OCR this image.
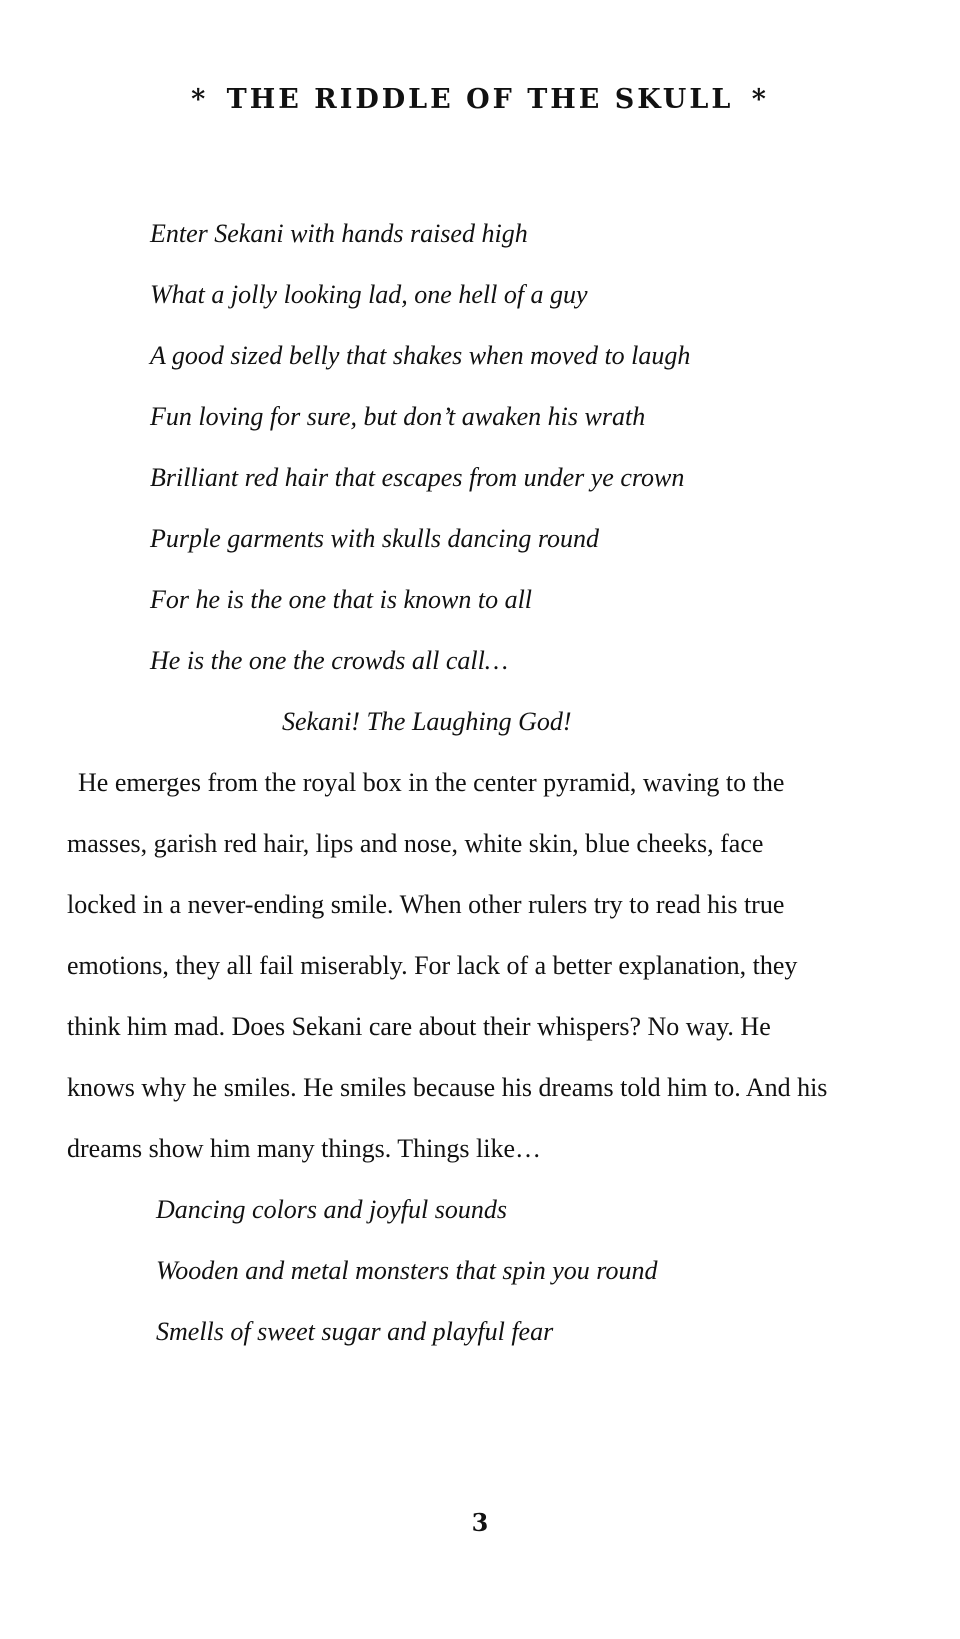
* THE RIDDLE OF THE SKULL *
Enter Sekani with hands raised high
What a jolly looking lad, one hell of a guy
A good sized belly that shakes when moved to laugh
Fun loving for sure, but don’t awaken his wrath
Brilliant red hair that escapes from under ye crown
Purple garments with skulls dancing round
For he is the one that is known to all
He is the one the crowds all call…
Sekani! The Laughing God!
He emerges from the royal box in the center pyramid, waving to the
masses, garish red hair, lips and nose, white skin, blue cheeks, face
locked in a never-ending smile. When other rulers try to read his true
emotions, they all fail miserably. For lack of a better explanation, they
think him mad. Does Sekani care about their whispers? No way. He
knows why he smiles. He smiles because his dreams told him to. And his
dreams show him many things. Things like…
Dancing colors and joyful sounds
Wooden and metal monsters that spin you round
Smells of sweet sugar and playful fear
3
